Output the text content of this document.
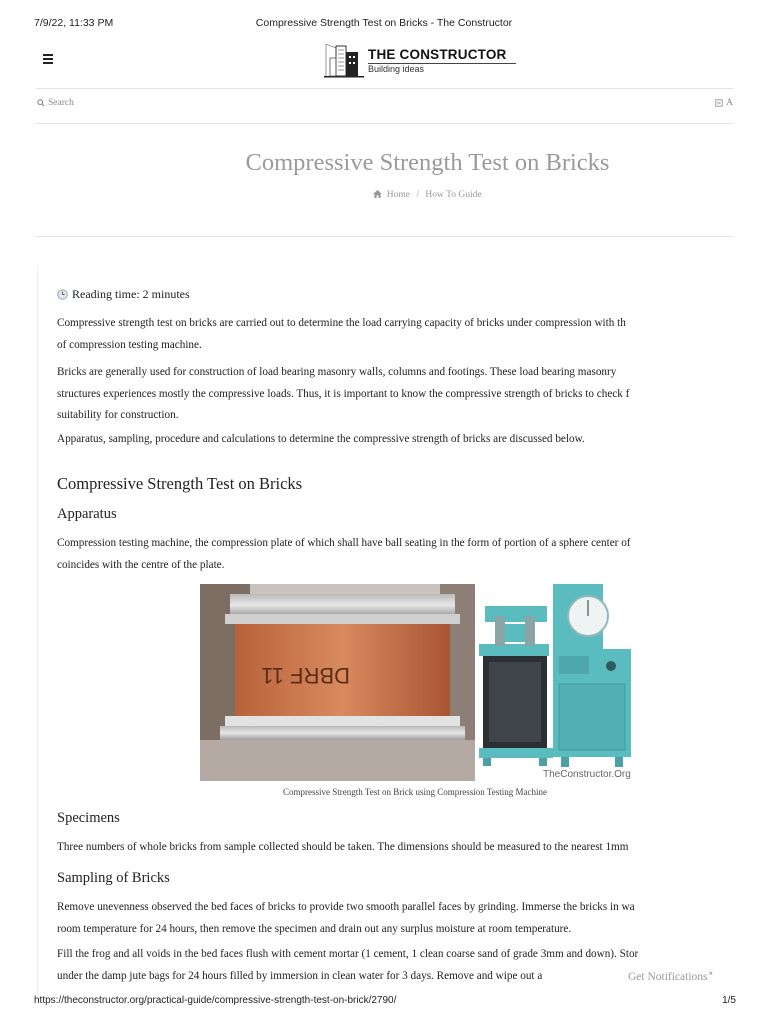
7/9/22, 11:33 PM	Compressive Strength Test on Bricks - The Constructor
THE CONSTRUCTOR
Building ideas
Search	A
Compressive Strength Test on Bricks
Home / How To Guide
Reading time: 2 minutes
Compressive strength test on bricks are carried out to determine the load carrying capacity of bricks under compression with th
of compression testing machine.
Bricks are generally used for construction of load bearing masonry walls, columns and footings. These load bearing masonry
structures experiences mostly the compressive loads. Thus, it is important to know the compressive strength of bricks to check f
suitability for construction.
Apparatus, sampling, procedure and calculations to determine the compressive strength of bricks are discussed below.
Compressive Strength Test on Bricks
Apparatus
Compression testing machine, the compression plate of which shall have ball seating in the form of portion of a sphere center of
coincides with the centre of the plate.
Specimens
Three numbers of whole bricks from sample collected should be taken. The dimensions should be measured to the nearest 1mm
Sampling of Bricks
Remove unevenness observed the bed faces of bricks to provide two smooth parallel faces by grinding. Immerse the bricks in wa
room temperature for 24 hours, then remove the specimen and drain out any surplus moisture at room temperature.
Fill the frog and all voids in the bed faces flush with cement mortar (1 cement, 1 clean coarse sand of grade 3mm and down). Stor
under the damp jute bags for 24 hours filled by immersion in clean water for 3 days. Remove and wipe out a
DBRF 11
TheConstructor.Org
Compressive Strength Test on Brick using Compression Testing Machine
Get Notifications×
https://theconstructor.org/practical-guide/compressive-strength-test-on-brick/2790/	1/5
